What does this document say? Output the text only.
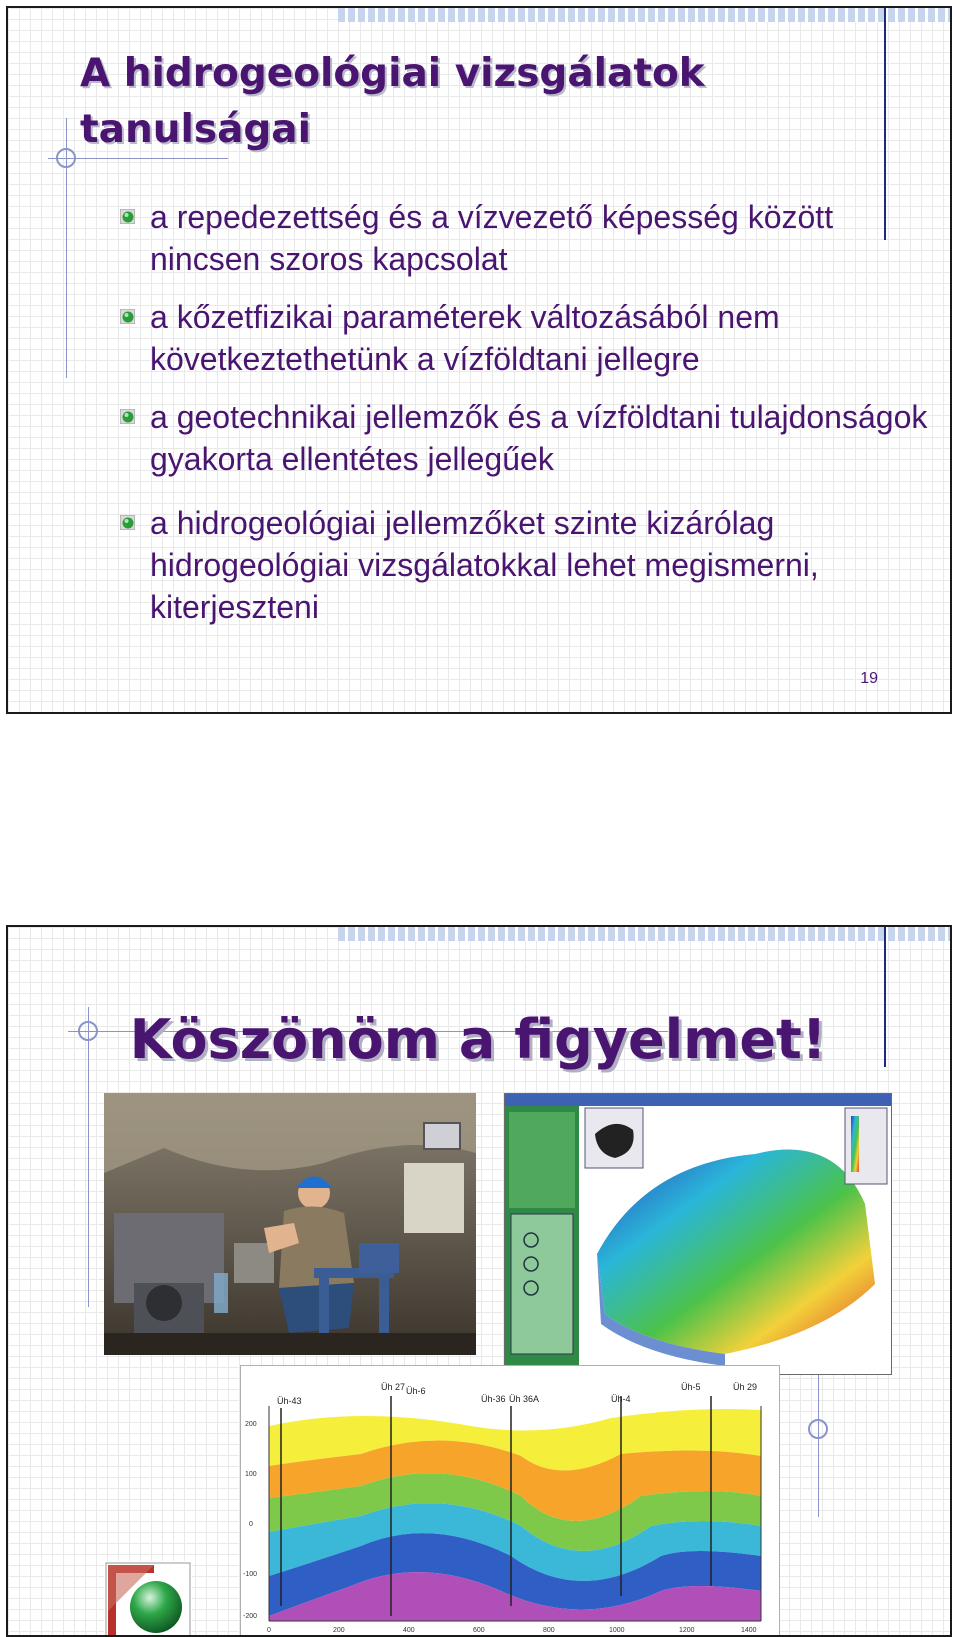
A hidrogeológiai vizsgálatok tanulságai
a repedezettség és a vízvezető képesség között nincsen szoros kapcsolat
a kőzetfizikai paraméterek változásából nem következtethetünk a vízföldtani jellegre
a geotechnikai jellemzők és a vízföldtani tulajdonságok gyakorta ellentétes jellegűek
a hidrogeológiai jellemzőket szinte kizárólag hidrogeológiai vizsgálatokkal lehet megismerni, kiterjeszteni
19
Köszönöm a figyelmet!
Üh-43
Üh 27 Üh-6
Üh-36 Üh 36A	Üh-4
Üh-5	Üh 29
200
100
0
-100
-200
0	200	400	600	800	1000	1200	1400
